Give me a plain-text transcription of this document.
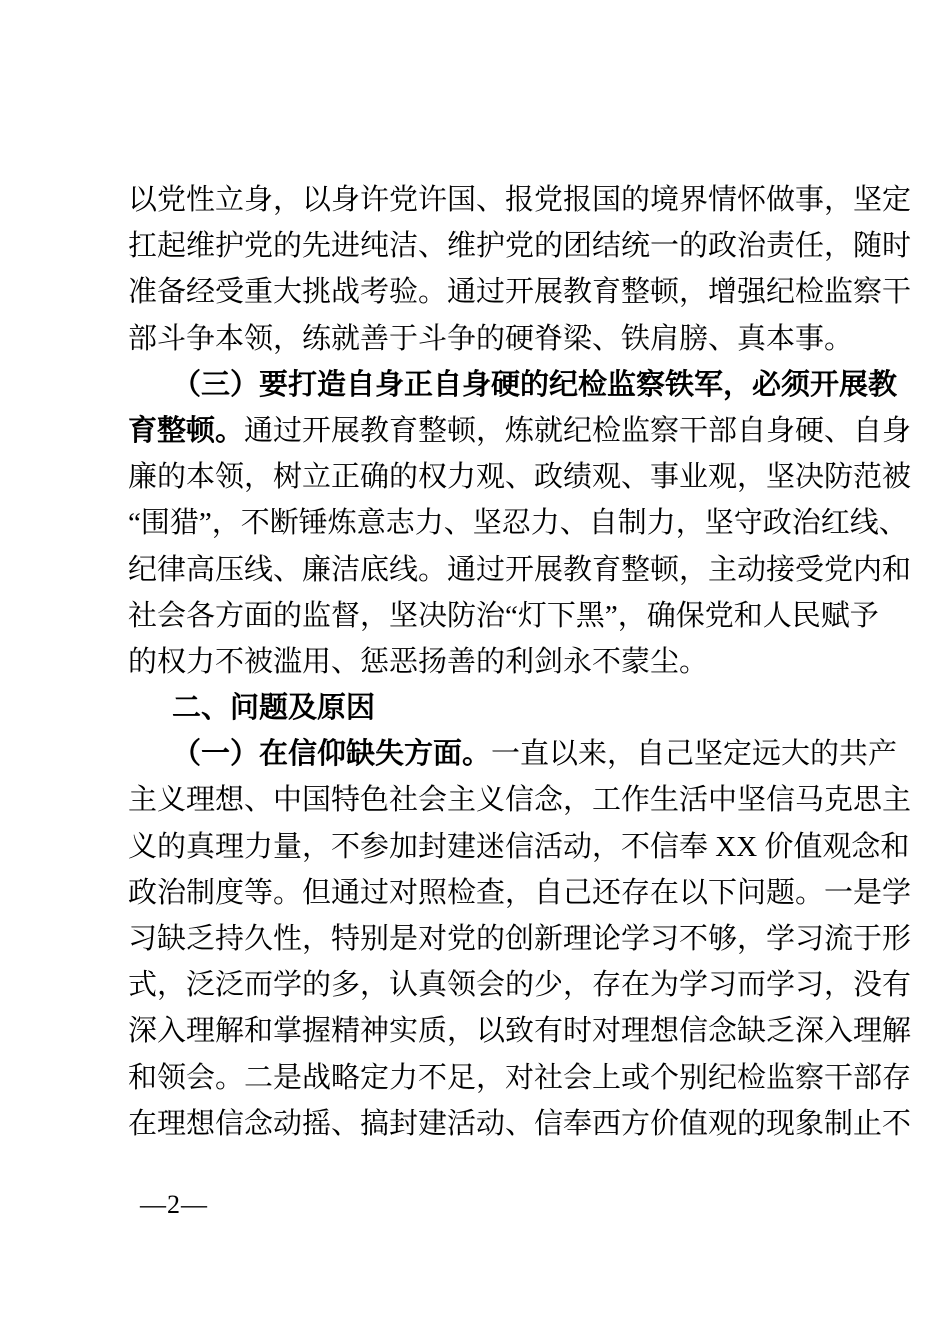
以党性立身，以身许党许国、报党报国的境界情怀做事，坚定
扛起维护党的先进纯洁、维护党的团结统一的政治责任，随时
准备经受重大挑战考验。通过开展教育整顿，增强纪检监察干
部斗争本领，练就善于斗争的硬脊梁、铁肩膀、真本事。
（三）要打造自身正自身硬的纪检监察铁军，必须开展教
育整顿。通过开展教育整顿，炼就纪检监察干部自身硬、自身
廉的本领，树立正确的权力观、政绩观、事业观，坚决防范被
“围猎”，不断锤炼意志力、坚忍力、自制力，坚守政治红线、
纪律高压线、廉洁底线。通过开展教育整顿，主动接受党内和
社会各方面的监督，坚决防治“灯下黑”，确保党和人民赋予
的权力不被滥用、惩恶扬善的利剑永不蒙尘。
二、问题及原因
（一）在信仰缺失方面。一直以来，自己坚定远大的共产
主义理想、中国特色社会主义信念，工作生活中坚信马克思主
义的真理力量，不参加封建迷信活动，不信奉 XX 价值观念和
政治制度等。但通过对照检查，自己还存在以下问题。一是学
习缺乏持久性，特别是对党的创新理论学习不够，学习流于形
式，泛泛而学的多，认真领会的少，存在为学习而学习，没有
深入理解和掌握精神实质，以致有时对理想信念缺乏深入理解
和领会。二是战略定力不足，对社会上或个别纪检监察干部存
在理想信念动摇、搞封建活动、信奉西方价值观的现象制止不
—2—
